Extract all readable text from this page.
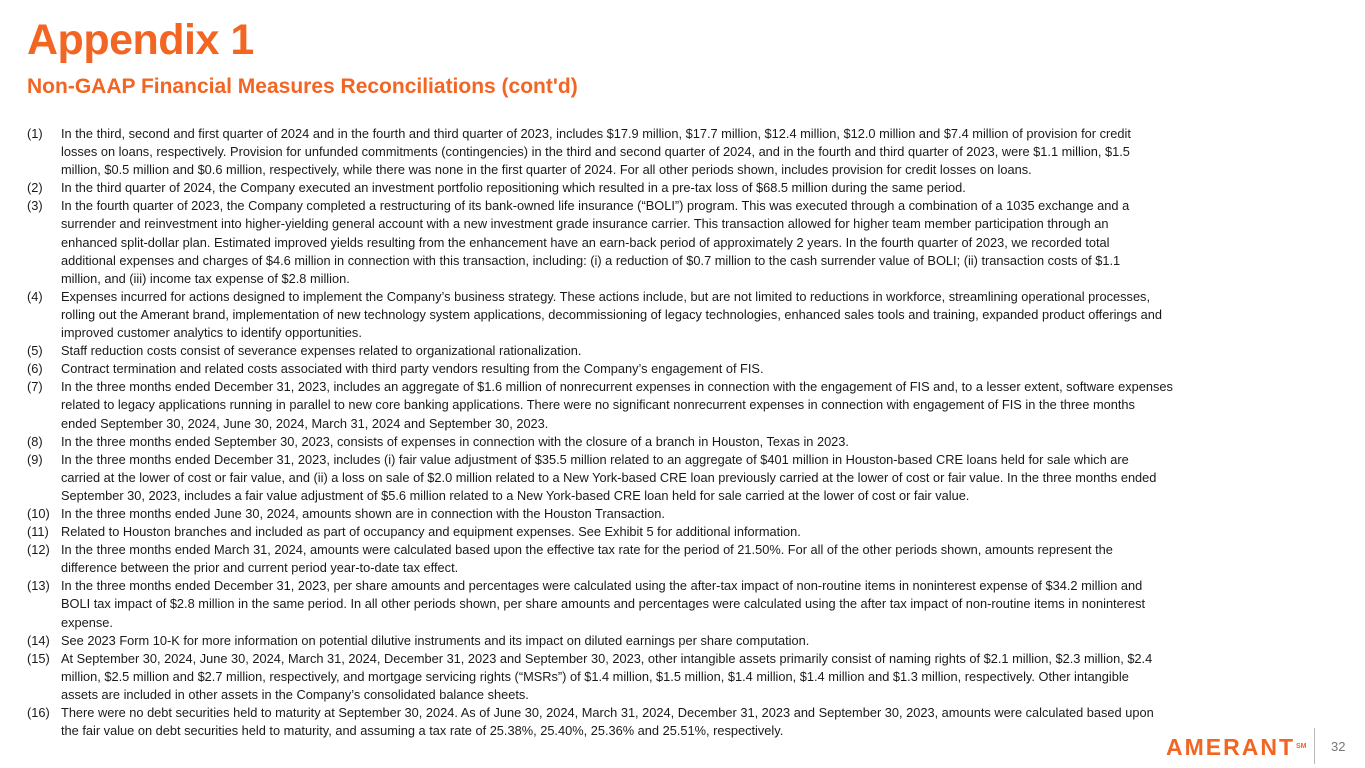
Appendix 1
Non-GAAP Financial Measures Reconciliations (cont'd)
(1) In the third, second and first quarter of 2024 and in the fourth and third quarter of 2023, includes $17.9 million, $17.7 million, $12.4 million, $12.0 million and $7.4 million of provision for credit
losses on loans, respectively. Provision for unfunded commitments (contingencies) in the third and second quarter of 2024, and in the fourth and third quarter of 2023, were $1.1 million, $1.5
million, $0.5 million and $0.6 million, respectively, while there was none in the first quarter of 2024. For all other periods shown, includes provision for credit losses on loans.
(2) In the third quarter of 2024, the Company executed an investment portfolio repositioning which resulted in a pre-tax loss of $68.5 million during the same period.
(3) In the fourth quarter of 2023, the Company completed a restructuring of its bank-owned life insurance (“BOLI”) program. This was executed through a combination of a 1035 exchange and a
surrender and reinvestment into higher-yielding general account with a new investment grade insurance carrier. This transaction allowed for higher team member participation through an
enhanced split-dollar plan. Estimated improved yields resulting from the enhancement have an earn-back period of approximately 2 years. In the fourth quarter of 2023, we recorded total
additional expenses and charges of $4.6 million in connection with this transaction, including: (i) a reduction of $0.7 million to the cash surrender value of BOLI; (ii) transaction costs of $1.1
million, and (iii) income tax expense of $2.8 million.
(4) Expenses incurred for actions designed to implement the Company’s business strategy. These actions include, but are not limited to reductions in workforce, streamlining operational processes,
rolling out the Amerant brand, implementation of new technology system applications, decommissioning of legacy technologies, enhanced sales tools and training, expanded product offerings and
improved customer analytics to identify opportunities.
(5) Staff reduction costs consist of severance expenses related to organizational rationalization.
(6) Contract termination and related costs associated with third party vendors resulting from the Company’s engagement of FIS.
(7) In the three months ended December 31, 2023, includes an aggregate of $1.6 million of nonrecurrent expenses in connection with the engagement of FIS and, to a lesser extent, software expenses
related to legacy applications running in parallel to new core banking applications. There were no significant nonrecurrent expenses in connection with engagement of FIS in the three months
ended September 30, 2024, June 30, 2024, March 31, 2024 and September 30, 2023.
(8) In the three months ended September 30, 2023, consists of expenses in connection with the closure of a branch in Houston, Texas in 2023.
(9) In the three months ended December 31, 2023, includes (i) fair value adjustment of $35.5 million related to an aggregate of $401 million in Houston-based CRE loans held for sale which are
carried at the lower of cost or fair value, and (ii) a loss on sale of $2.0 million related to a New York-based CRE loan previously carried at the lower of cost or fair value. In the three months ended
September 30, 2023, includes a fair value adjustment of $5.6 million related to a New York-based CRE loan held for sale carried at the lower of cost or fair value.
(10) In the three months ended June 30, 2024, amounts shown are in connection with the Houston Transaction.
(11) Related to Houston branches and included as part of occupancy and equipment expenses. See Exhibit 5 for additional information.
(12) In the three months ended March 31, 2024, amounts were calculated based upon the effective tax rate for the period of 21.50%. For all of the other periods shown, amounts represent the
difference between the prior and current period year-to-date tax effect.
(13) In the three months ended December 31, 2023, per share amounts and percentages were calculated using the after-tax impact of non-routine items in noninterest expense of $34.2 million and
BOLI tax impact of $2.8 million in the same period. In all other periods shown, per share amounts and percentages were calculated using the after tax impact of non-routine items in noninterest
expense.
(14) See 2023 Form 10-K for more information on potential dilutive instruments and its impact on diluted earnings per share computation.
(15) At September 30, 2024, June 30, 2024, March 31, 2024, December 31, 2023 and September 30, 2023, other intangible assets primarily consist of naming rights of $2.1 million, $2.3 million, $2.4
million, $2.5 million and $2.7 million, respectively, and mortgage servicing rights (“MSRs”) of $1.4 million, $1.5 million, $1.4 million, $1.4 million and $1.3 million, respectively. Other intangible
assets are included in other assets in the Company’s consolidated balance sheets.
(16) There were no debt securities held to maturity at September 30, 2024. As of June 30, 2024, March 31, 2024, December 31, 2023 and September 30, 2023, amounts were calculated based upon
the fair value on debt securities held to maturity, and assuming a tax rate of 25.38%, 25.40%, 25.36% and 25.51%, respectively.
AMERANT℠ 32
